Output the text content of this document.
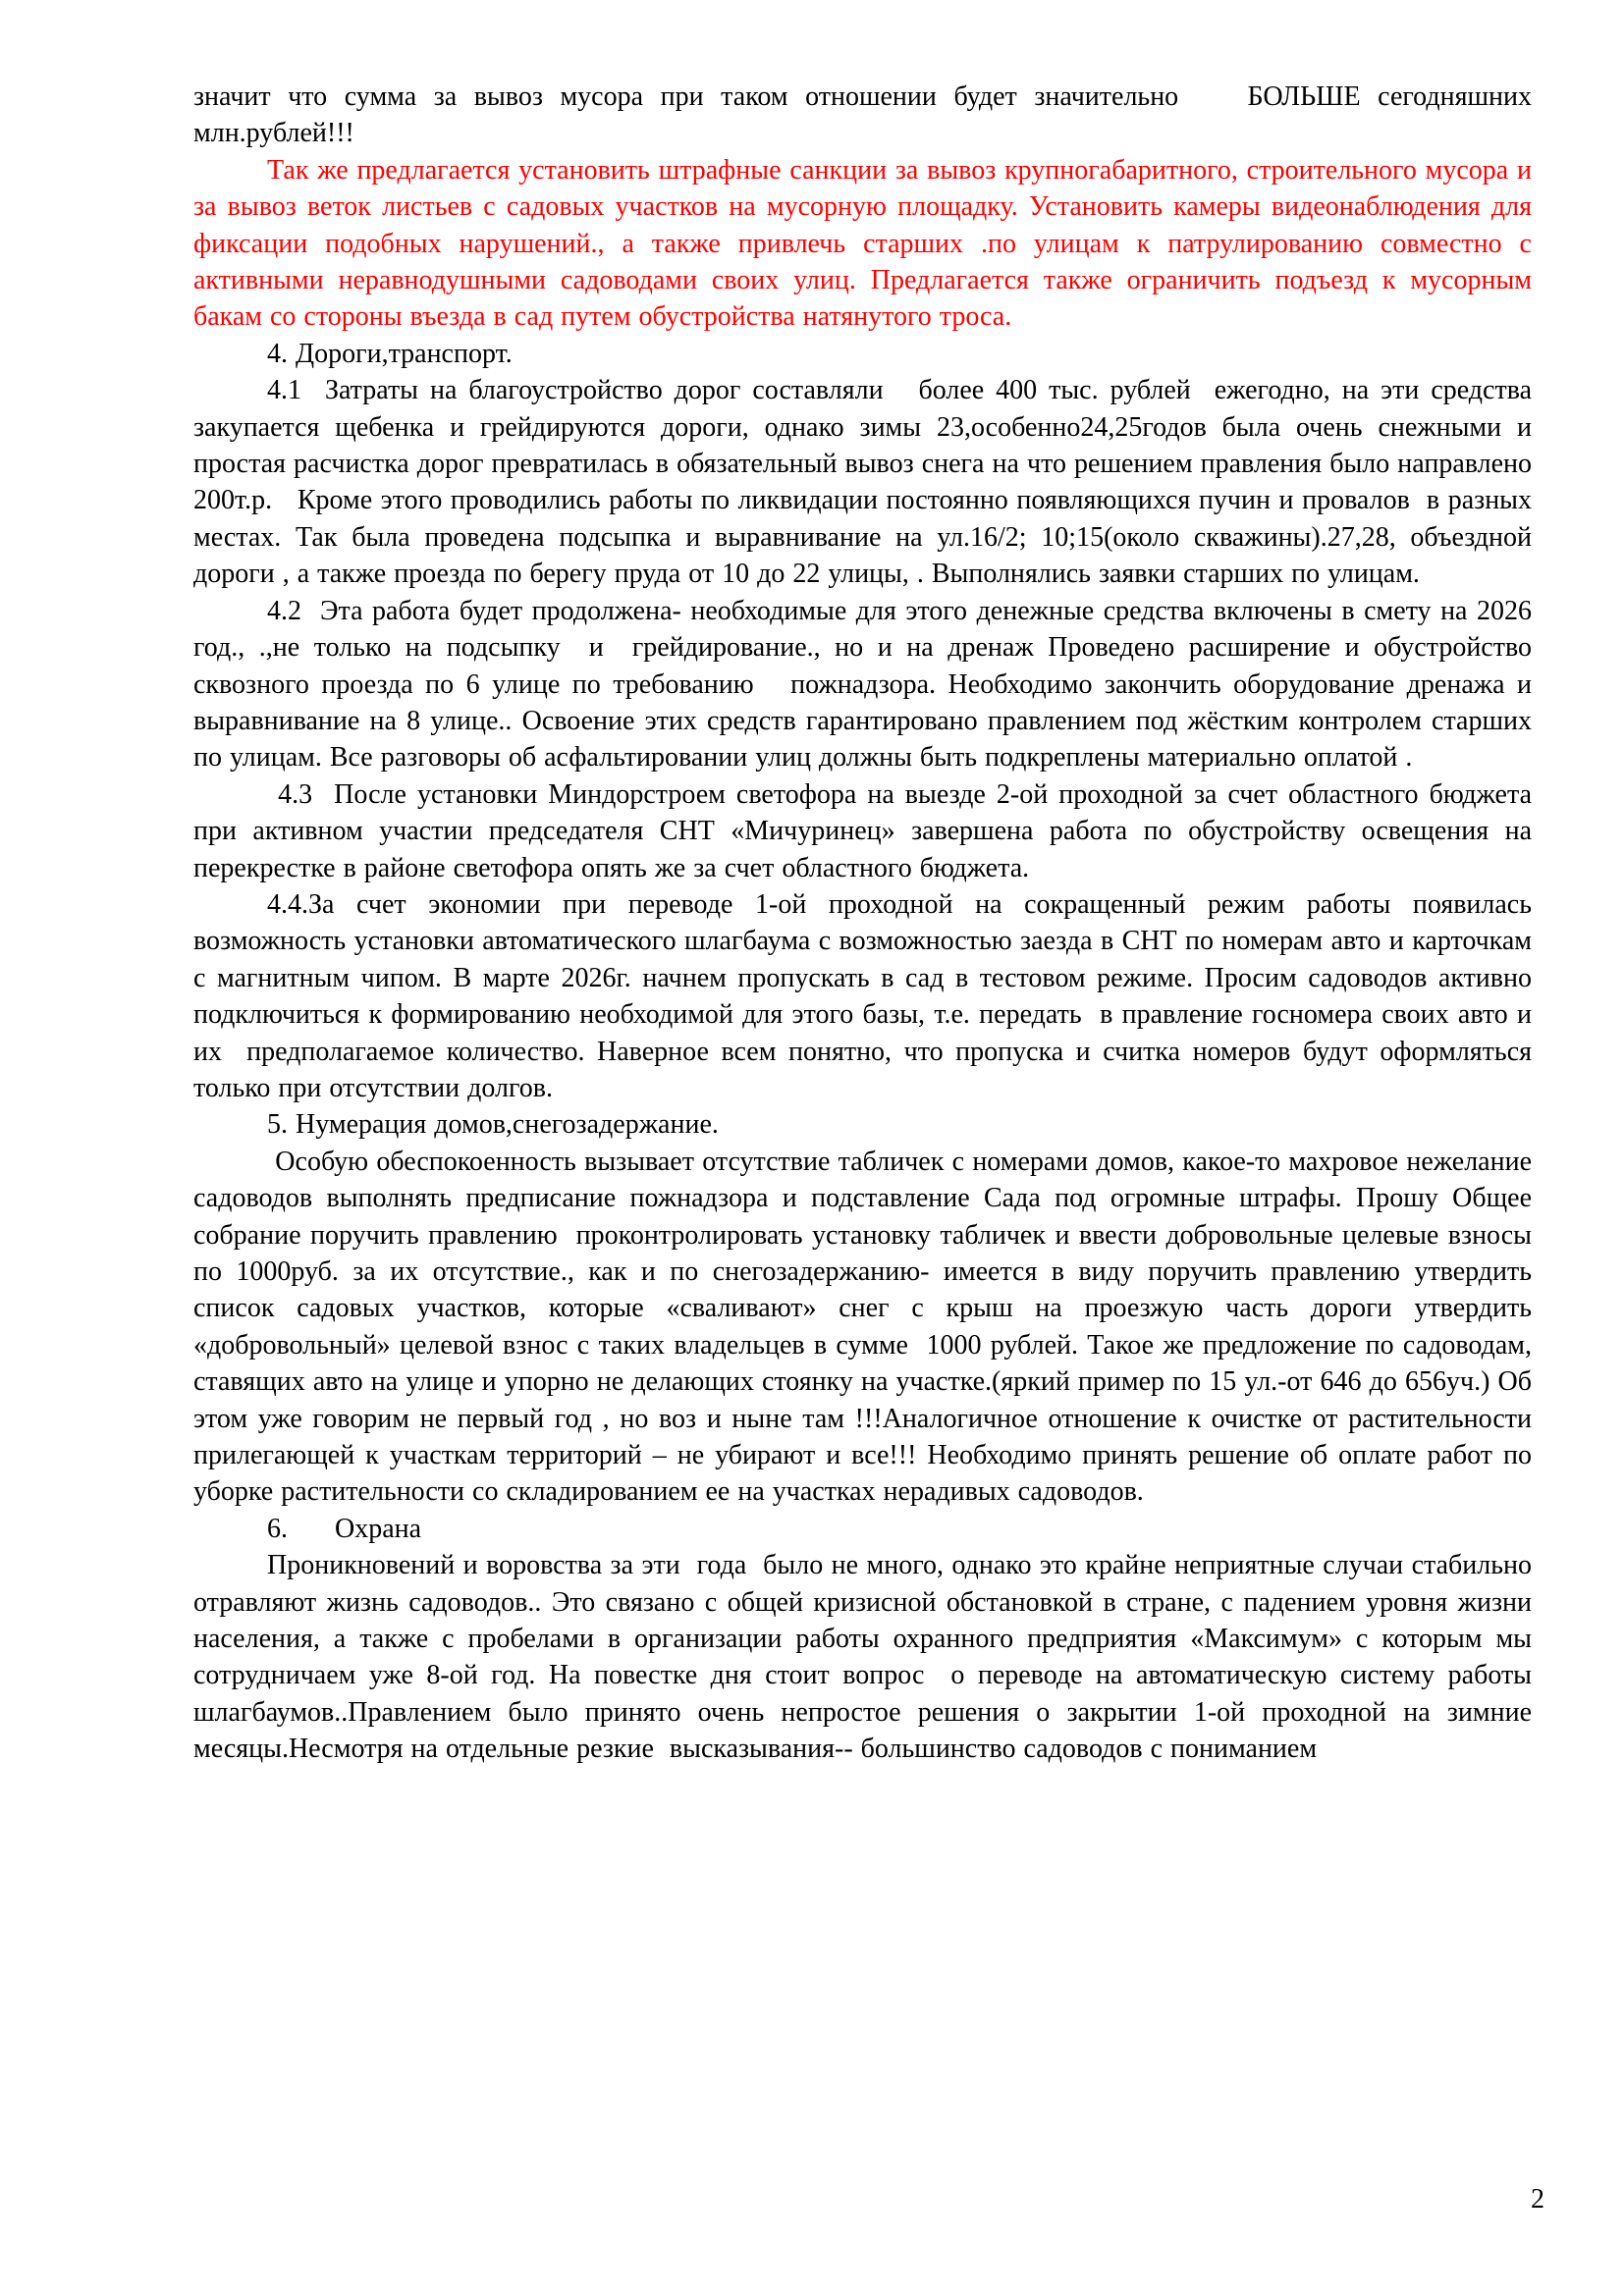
значит что сумма за вывоз мусора при таком отношении будет значительно    БОЛЬШЕ сегодняшних  млн.рублей!!!

Так же предлагается установить штрафные санкции за вывоз крупногабаритного, строительного мусора и за вывоз веток листьев с садовых участков на мусорную площадку. Установить камеры видеонаблюдения для фиксации подобных нарушений., а также привлечь старших .по улицам к патрулированию совместно с активными неравнодушными садоводами своих улиц. Предлагается также ограничить подъезд к мусорным бакам со стороны въезда в сад путем обустройства натянутого троса.

4. Дороги,транспорт.

4.1  Затраты на благоустройство дорог составляли   более 400 тыс. рублей  ежегодно, на эти средства закупается щебенка и грейдируются дороги, однако зимы 23,особенно24,25годов была очень снежными и простая расчистка дорог превратилась в обязательный вывоз снега на что решением правления было направлено 200т.р.   Кроме этого проводились работы по ликвидации постоянно появляющихся пучин и провалов  в разных местах. Так была проведена подсыпка и выравнивание на ул.16/2; 10;15(около скважины).27,28, объездной дороги , а также проезда по берегу пруда от 10 до 22 улицы, . Выполнялись заявки старших по улицам.

4.2  Эта работа будет продолжена- необходимые для этого денежные средства включены в смету на 2026 год., .,не только на подсыпку  и  грейдирование., но и на дренаж Проведено расширение и обустройство   сквозного проезда по 6 улице по требованию   пожнадзора. Необходимо закончить оборудование дренажа и выравнивание на 8 улице.. Освоение этих средств гарантировано правлением под жёстким контролем старших по улицам. Все разговоры об асфальтировании улиц должны быть подкреплены материально оплатой .

4.3  После установки Миндорстроем светофора на выезде 2-ой проходной за счет областного бюджета при активном участии председателя СНТ «Мичуринец» завершена работа по обустройству освещения на перекрестке в районе светофора опять же за счет областного бюджета.

4.4.За счет экономии при переводе 1-ой проходной на сокращенный режим работы появилась возможность установки автоматического шлагбаума с возможностью заезда в СНТ по номерам авто и карточкам с магнитным чипом. В марте 2026г. начнем пропускать в сад в тестовом режиме. Просим садоводов активно подключиться к формированию необходимой для этого базы, т.е. передать  в правление госномера своих авто и их  предполагаемое количество. Наверное всем понятно, что пропуска и считка номеров будут оформляться только при отсутствии долгов.

5. Нумерация домов,снегозадержание.

Особую обеспокоенность вызывает отсутствие табличек с номерами домов, какое-то махровое нежелание садоводов выполнять предписание пожнадзора и подставление Сада под огромные штрафы. Прошу Общее собрание поручить правлению  проконтролировать установку табличек и ввести добровольные целевые взносы по 1000руб. за их отсутствие., как и по снегозадержанию- имеется в виду поручить правлению утвердить список садовых участков, которые «сваливают» снег с крыш на проезжую часть дороги утвердить «добровольный» целевой взнос с таких владельцев в сумме  1000 рублей. Такое же предложение по садоводам, ставящих авто на улице и упорно не делающих стоянку на участке.(яркий пример по 15 ул.-от 646 до 656уч.) Об этом уже говорим не первый год , но воз и ныне там !!!Аналогичное отношение к очистке от растительности прилегающей к участкам территорий – не убирают и все!!! Необходимо принять решение об оплате работ по уборке растительности со складированием ее на участках нерадивых садоводов.

6.      Охрана

Проникновений и воровства за эти  года  было не много, однако это крайне неприятные случаи стабильно отравляют жизнь садоводов.. Это связано с общей кризисной обстановкой в стране, с падением уровня жизни населения, а также с пробелами в организации работы охранного предприятия «Максимум» с которым мы сотрудничаем уже 8-ой год. На повестке дня стоит вопрос  о переводе на автоматическую систему работы шлагбаумов..Правлением было принято очень непростое решения о закрытии 1-ой проходной на зимние месяцы.Несмотря на отдельные резкие  высказывания-- большинство садоводов с пониманием

2
